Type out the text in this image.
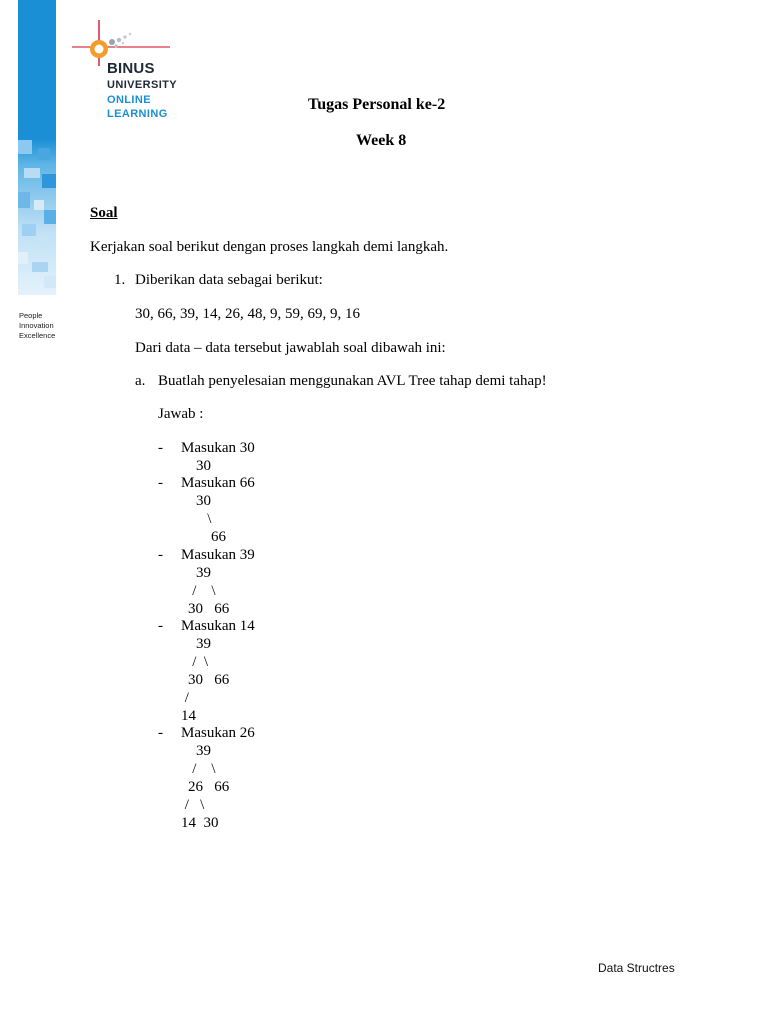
People
Innovation
Excellence
BINUS
UNIVERSITY
ONLINE
LEARNING
Tugas Personal ke-2
Week 8
Soal
Kerjakan soal berikut dengan proses langkah demi langkah.
1. Diberikan data sebagai berikut:
30, 66, 39, 14, 26, 48, 9, 59, 69, 9, 16
Dari data – data tersebut jawablah soal dibawah ini:
a. Buatlah penyelesaian menggunakan AVL Tree tahap demi tahap!
Jawab :
- Masukan 30
30
- Masukan 66
30
\
66
- Masukan 39
39
/    \
30   66
- Masukan 14
39
/  \
30   66
/
14
- Masukan 26
39
/    \
26   66
/   \
14  30
Data Structres
